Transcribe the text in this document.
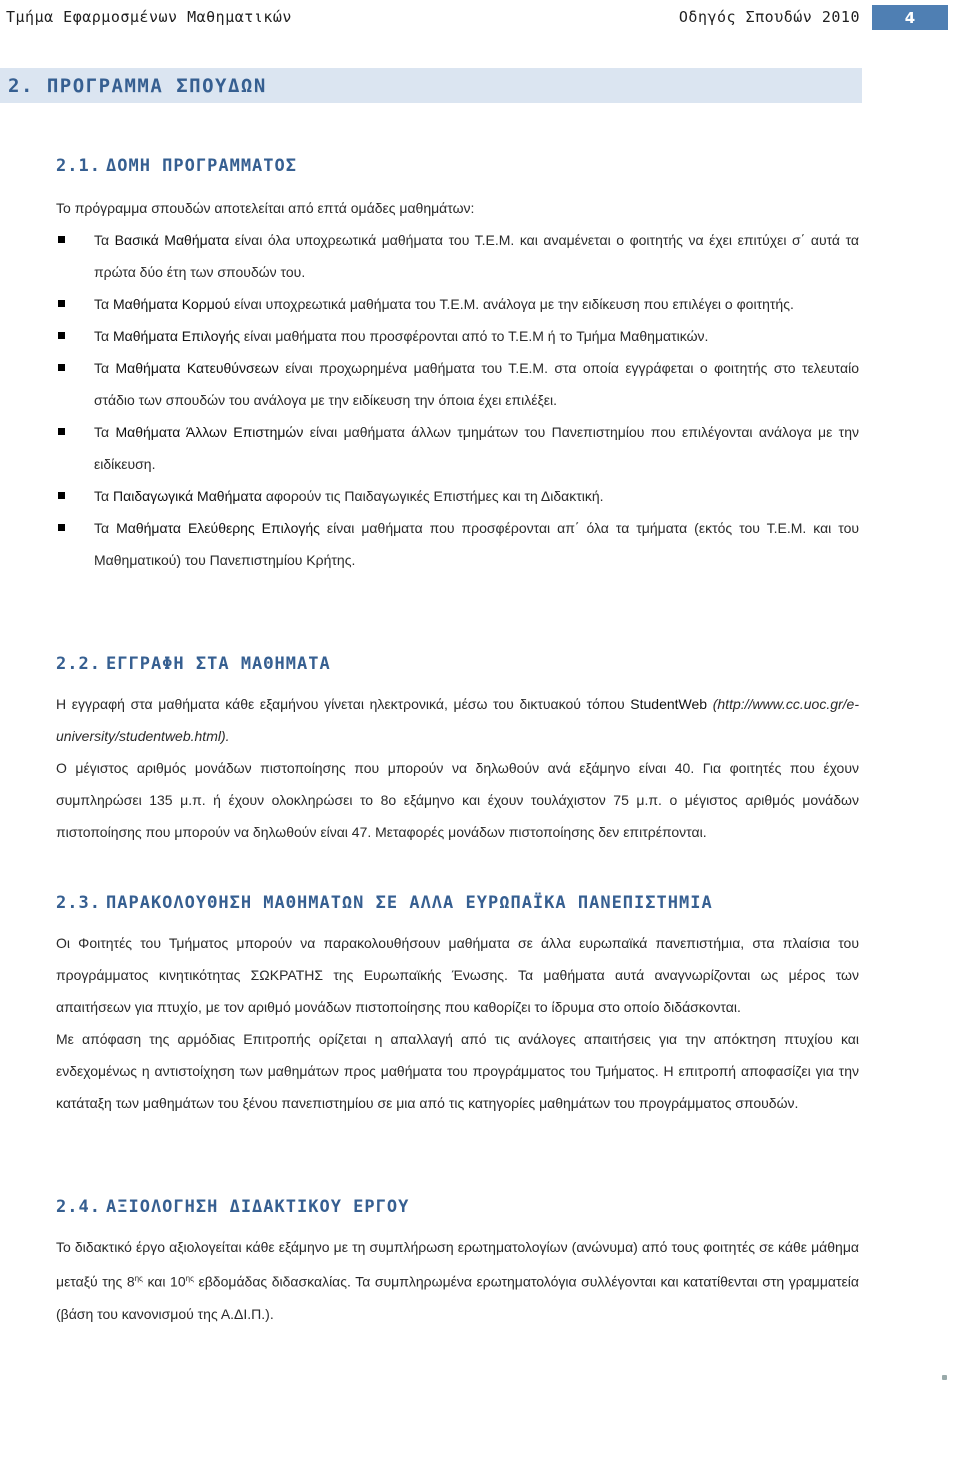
Τμήμα Εφαρμοσμένων Μαθηματικών	Οδηγός Σπουδών 2010	4
2. ΠΡΟΓΡΑΜΜΑ ΣΠΟΥΔΩΝ
2.1. ΔΟΜΗ ΠΡΟΓΡΑΜΜΑΤΟΣ
Το πρόγραμμα σπουδών αποτελείται από επτά ομάδες μαθημάτων:
Τα Βασικά Μαθήματα είναι όλα υποχρεωτικά μαθήματα του Τ.Ε.Μ. και αναμένεται ο φοιτητής να έχει επιτύχει σ΄ αυτά τα πρώτα δύο έτη των σπουδών του.
Τα Μαθήματα Κορμού είναι υποχρεωτικά μαθήματα του Τ.Ε.Μ. ανάλογα με την ειδίκευση που επιλέγει ο φοιτητής.
Τα Μαθήματα Επιλογής είναι μαθήματα που προσφέρονται από το Τ.Ε.Μ ή το Τμήμα Μαθηματικών.
Τα Μαθήματα Κατευθύνσεων είναι προχωρημένα μαθήματα του Τ.Ε.Μ. στα οποία εγγράφεται ο φοιτητής στο τελευταίο στάδιο των σπουδών του ανάλογα με την ειδίκευση την όποια έχει επιλέξει.
Τα Μαθήματα Άλλων Επιστημών είναι μαθήματα άλλων τμημάτων του Πανεπιστημίου που επιλέγονται ανάλογα με την ειδίκευση.
Τα Παιδαγωγικά Μαθήματα αφορούν τις Παιδαγωγικές Επιστήμες και τη Διδακτική.
Τα Μαθήματα Ελεύθερης Επιλογής είναι μαθήματα που προσφέρονται απ΄ όλα τα τμήματα (εκτός του Τ.Ε.Μ. και του Μαθηματικού) του Πανεπιστημίου Κρήτης.
2.2. ΕΓΓΡΑΦΗ ΣΤΑ ΜΑΘΗΜΑΤΑ
Η εγγραφή στα μαθήματα κάθε εξαμήνου γίνεται ηλεκτρονικά, μέσω του δικτυακού τόπου StudentWeb (http://www.cc.uoc.gr/e-university/studentweb.html).
Ο μέγιστος αριθμός μονάδων πιστοποίησης που μπορούν να δηλωθούν ανά εξάμηνο είναι 40. Για φοιτητές που έχουν συμπληρώσει 135 μ.π. ή έχουν ολοκληρώσει το 8ο εξάμηνο και έχουν τουλάχιστον 75 μ.π. ο μέγιστος αριθμός μονάδων πιστοποίησης που μπορούν να δηλωθούν είναι 47. Μεταφορές μονάδων πιστοποίησης δεν επιτρέπονται.
2.3. ΠΑΡΑΚΟΛΟΥΘΗΣΗ ΜΑΘΗΜΑΤΩΝ ΣΕ ΑΛΛΑ ΕΥΡΩΠΑΪΚΑ ΠΑΝΕΠΙΣΤΗΜΙΑ
Οι Φοιτητές του Τμήματος μπορούν να παρακολουθήσουν μαθήματα σε άλλα ευρωπαϊκά πανεπιστήμια, στα πλαίσια του προγράμματος κινητικότητας ΣΩΚΡΑΤΗΣ της Ευρωπαϊκής Ένωσης. Τα μαθήματα αυτά αναγνωρίζονται ως μέρος των απαιτήσεων για πτυχίο, με τον αριθμό μονάδων πιστοποίησης που καθορίζει το ίδρυμα στο οποίο διδάσκονται.
Με απόφαση της αρμόδιας Επιτροπής ορίζεται η απαλλαγή από τις ανάλογες απαιτήσεις για την απόκτηση πτυχίου και ενδεχομένως η αντιστοίχηση των μαθημάτων προς μαθήματα του προγράμματος του Τμήματος. Η επιτροπή αποφασίζει για την κατάταξη των μαθημάτων του ξένου πανεπιστημίου σε μια από τις κατηγορίες μαθημάτων του προγράμματος σπουδών.
2.4. ΑΞΙΟΛΟΓΗΣΗ ΔΙΔΑΚΤΙΚΟΥ ΕΡΓΟΥ
Το διδακτικό έργο αξιολογείται κάθε εξάμηνο με τη συμπλήρωση ερωτηματολογίων (ανώνυμα) από τους φοιτητές σε κάθε μάθημα μεταξύ της $8^{\eta\varsigma}$ και $10^{\eta\varsigma}$ εβδομάδας διδασκαλίας. Τα συμπληρωμένα ερωτηματολόγια συλλέγονται και κατατίθενται στη γραμματεία (βάση του κανονισμού της Α.ΔΙ.Π.).
